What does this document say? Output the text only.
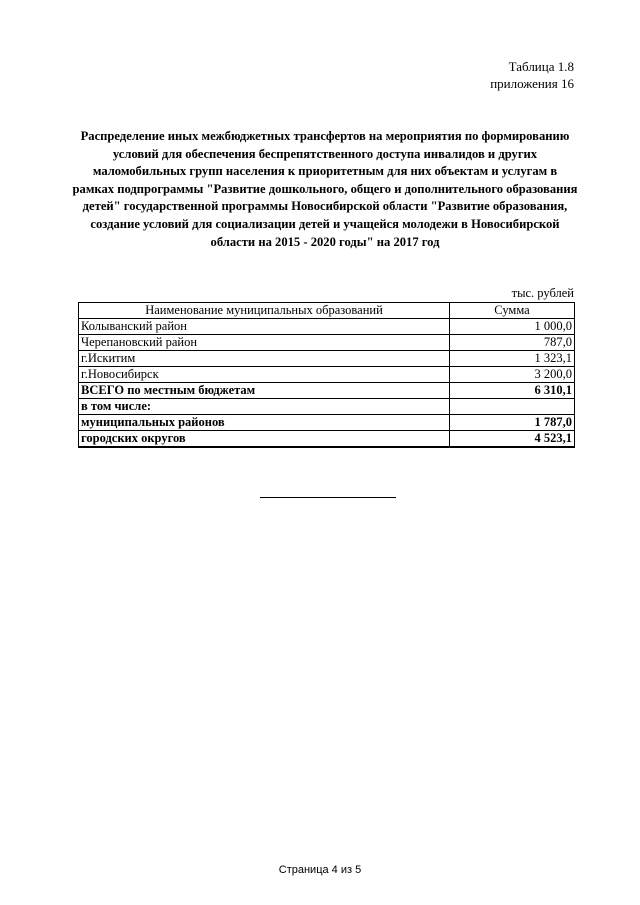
Таблица 1.8
приложения 16
Распределение иных межбюджетных трансфертов на мероприятия по формированию условий для обеспечения беспрепятственного доступа инвалидов и других маломобильных групп населения к приоритетным для них объектам и услугам в рамках подпрограммы "Развитие дошкольного, общего и дополнительного образования детей" государственной программы Новосибирской области "Развитие образования, создание условий для социализации детей и учащейся молодежи в Новосибирской области на 2015 - 2020 годы" на 2017 год
тыс. рублей
Наименование муниципальных образований	Сумма
Колыванский район	1 000,0
Черепановский район	787,0
г.Искитим	1 323,1
г.Новосибирск	3 200,0
ВСЕГО по местным бюджетам	6 310,1
в том числе:	
муниципальных районов	1 787,0
городских округов	4 523,1
Страница 4 из 5
